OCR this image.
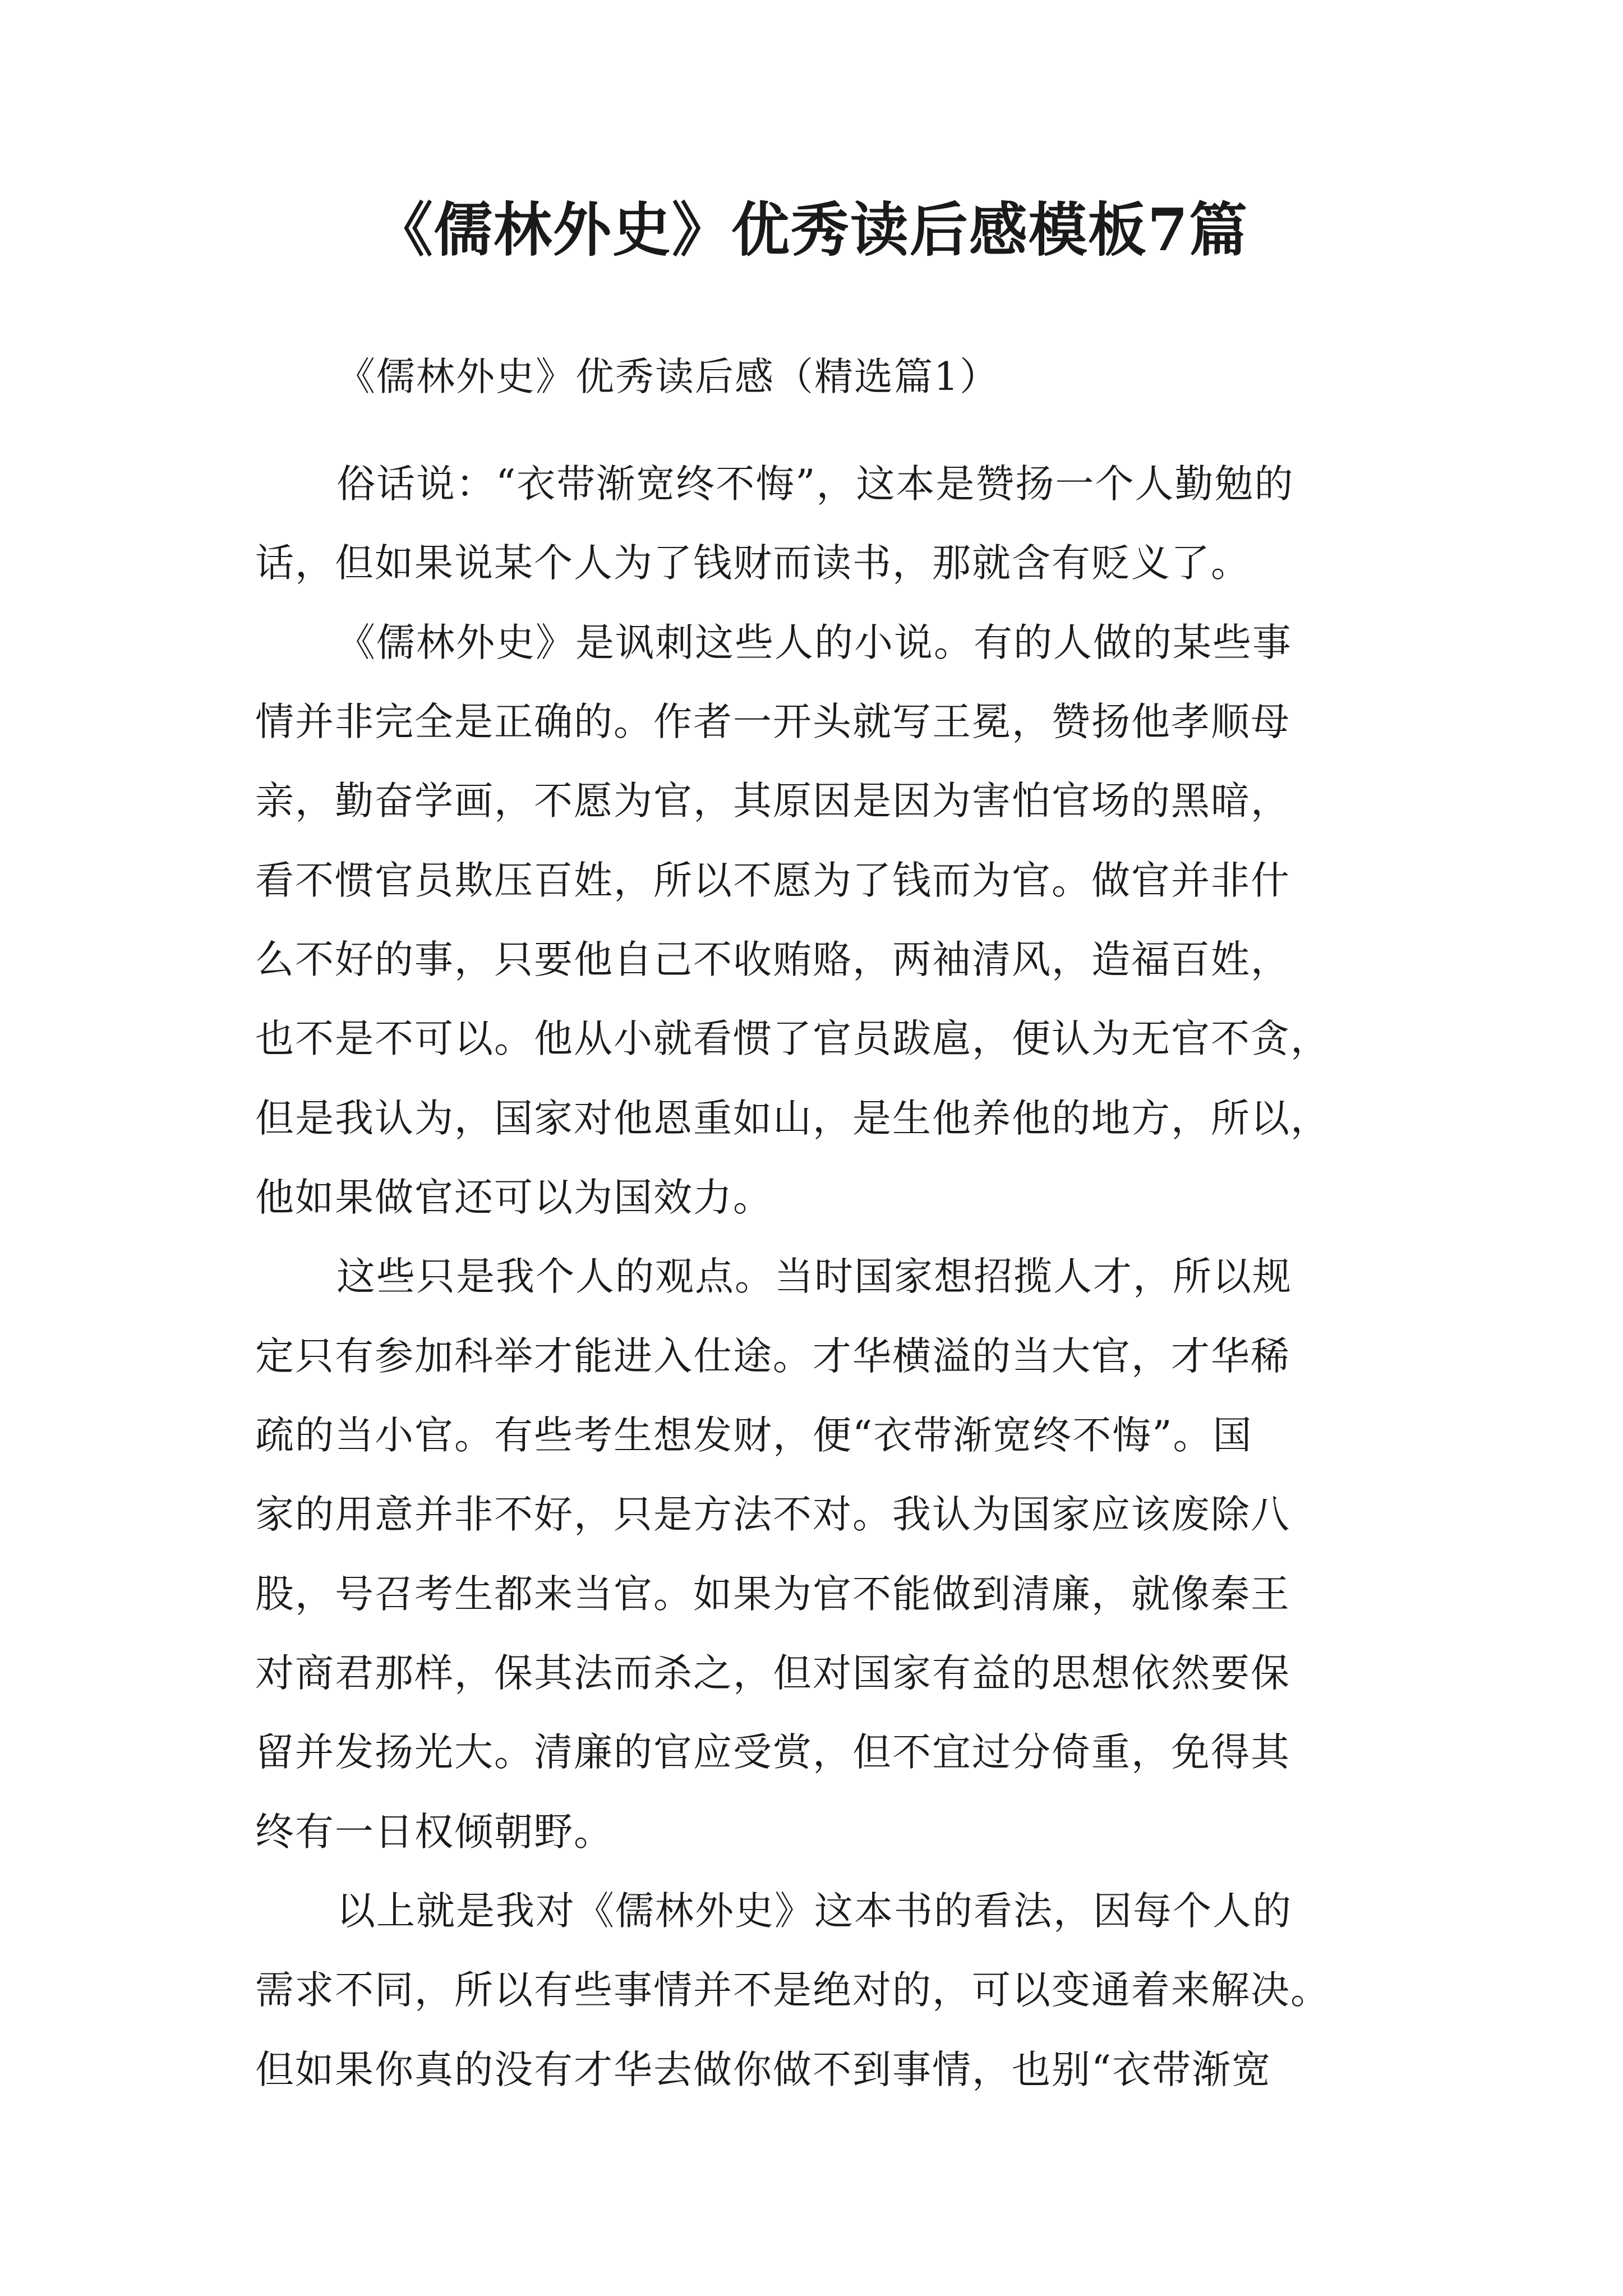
《儒林外史》优秀读后感模板7篇
《儒林外史》优秀读后感（精选篇1）
俗话说：“衣带渐宽终不悔”，这本是赞扬一个人勤勉的
话，但如果说某个人为了钱财而读书，那就含有贬义了。
《儒林外史》是讽刺这些人的小说。有的人做的某些事
情并非完全是正确的。作者一开头就写王冕，赞扬他孝顺母
亲，勤奋学画，不愿为官，其原因是因为害怕官场的黑暗，
看不惯官员欺压百姓，所以不愿为了钱而为官。做官并非什
么不好的事，只要他自己不收贿赂，两袖清风，造福百姓，
也不是不可以。他从小就看惯了官员跋扈，便认为无官不贪，
但是我认为，国家对他恩重如山，是生他养他的地方，所以，
他如果做官还可以为国效力。
这些只是我个人的观点。当时国家想招揽人才，所以规
定只有参加科举才能进入仕途。才华横溢的当大官，才华稀
疏的当小官。有些考生想发财，便“衣带渐宽终不悔”。国
家的用意并非不好，只是方法不对。我认为国家应该废除八
股，号召考生都来当官。如果为官不能做到清廉，就像秦王
对商君那样，保其法而杀之，但对国家有益的思想依然要保
留并发扬光大。清廉的官应受赏，但不宜过分倚重，免得其
终有一日权倾朝野。
以上就是我对《儒林外史》这本书的看法，因每个人的
需求不同，所以有些事情并不是绝对的，可以变通着来解决。
但如果你真的没有才华去做你做不到事情，也别“衣带渐宽
